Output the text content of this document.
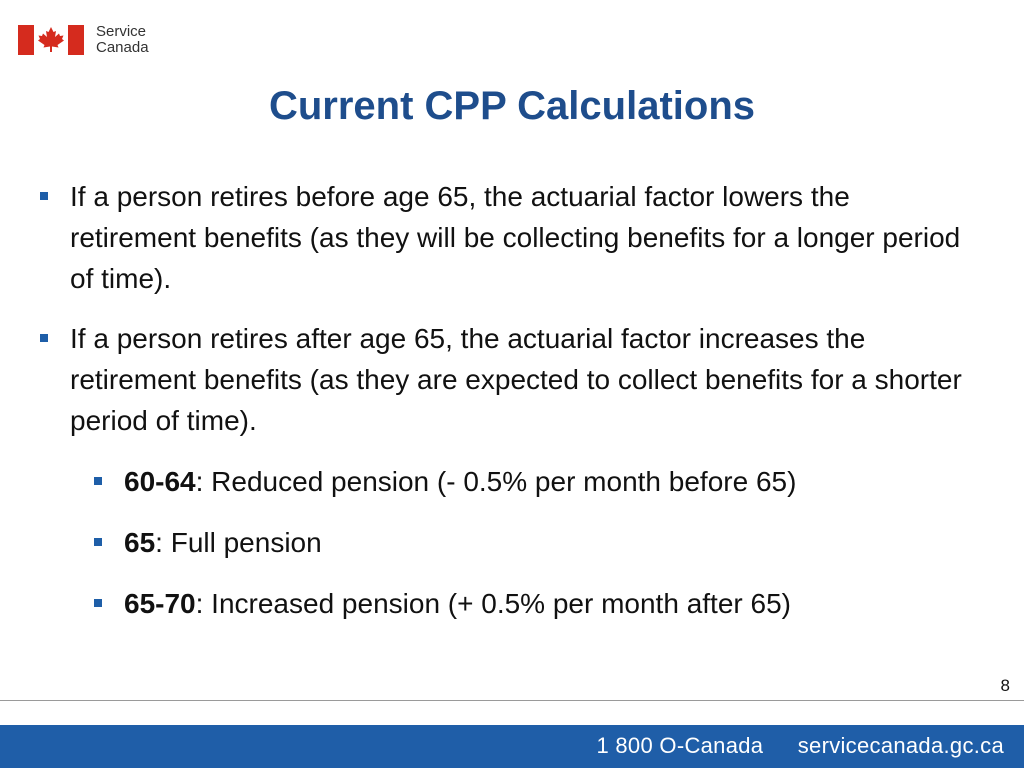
Service
Canada
Current CPP Calculations
If a person retires before age 65, the actuarial factor lowers the retirement benefits (as they will be collecting benefits for a longer period of time).
If a person retires after age 65, the actuarial factor increases the retirement benefits (as they are expected to collect benefits for a shorter period of time).
60-64: Reduced pension (- 0.5% per month before 65)
65: Full pension
65-70: Increased pension (+ 0.5% per month after 65)
8
1 800 O-Canada servicecanada.gc.ca
